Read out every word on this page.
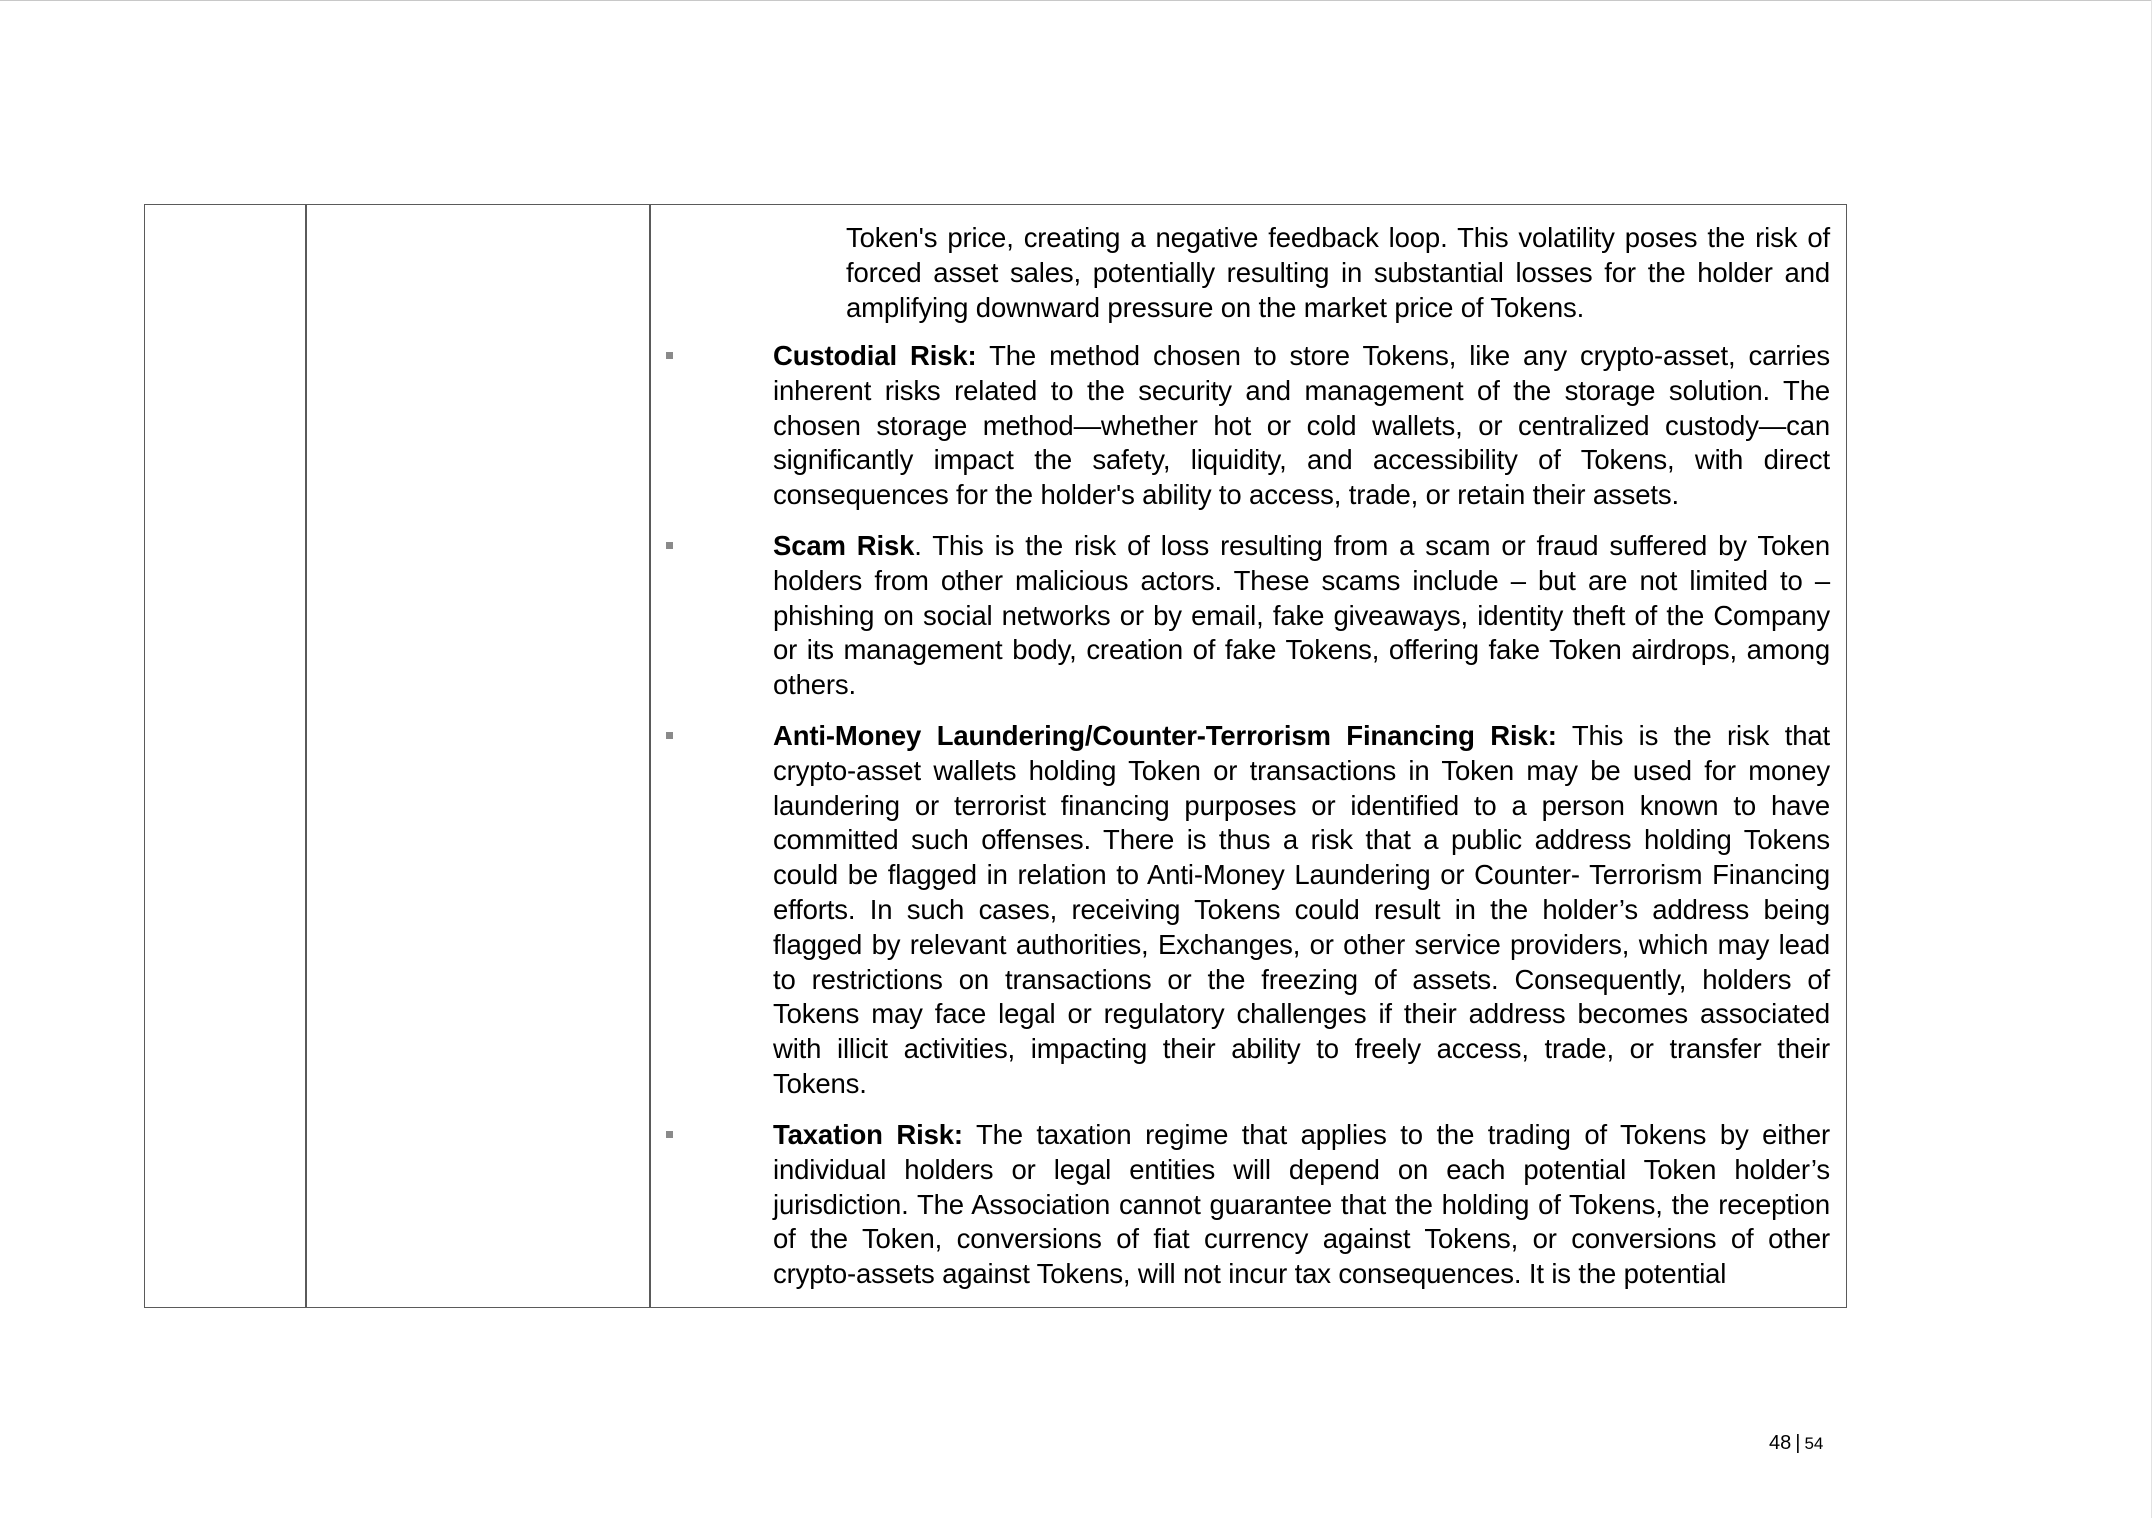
Token's price, creating a negative feedback loop. This volatility poses the risk of forced asset sales, potentially resulting in substantial losses for the holder and amplifying downward pressure on the market price of Tokens.
Custodial Risk: The method chosen to store Tokens, like any crypto-asset, carries inherent risks related to the security and management of the storage solution. The chosen storage method—whether hot or cold wallets, or centralized custody—can significantly impact the safety, liquidity, and accessibility of Tokens, with direct consequences for the holder's ability to access, trade, or retain their assets.
Scam Risk. This is the risk of loss resulting from a scam or fraud suffered by Token holders from other malicious actors. These scams include – but are not limited to – phishing on social networks or by email, fake giveaways, identity theft of the Company or its management body, creation of fake Tokens, offering fake Token airdrops, among others.
Anti-Money Laundering/Counter-Terrorism Financing Risk: This is the risk that crypto-asset wallets holding Token or transactions in Token may be used for money laundering or terrorist financing purposes or identified to a person known to have committed such offenses. There is thus a risk that a public address holding Tokens could be flagged in relation to Anti-Money Laundering or Counter- Terrorism Financing efforts. In such cases, receiving Tokens could result in the holder’s address being flagged by relevant authorities, Exchanges, or other service providers, which may lead to restrictions on transactions or the freezing of assets. Consequently, holders of Tokens may face legal or regulatory challenges if their address becomes associated with illicit activities, impacting their ability to freely access, trade, or transfer their Tokens.
Taxation Risk: The taxation regime that applies to the trading of Tokens by either individual holders or legal entities will depend on each potential Token holder’s jurisdiction. The Association cannot guarantee that the holding of Tokens, the reception of the Token, conversions of fiat currency against Tokens, or conversions of other crypto-assets against Tokens, will not incur tax consequences. It is the potential
48 | 54
